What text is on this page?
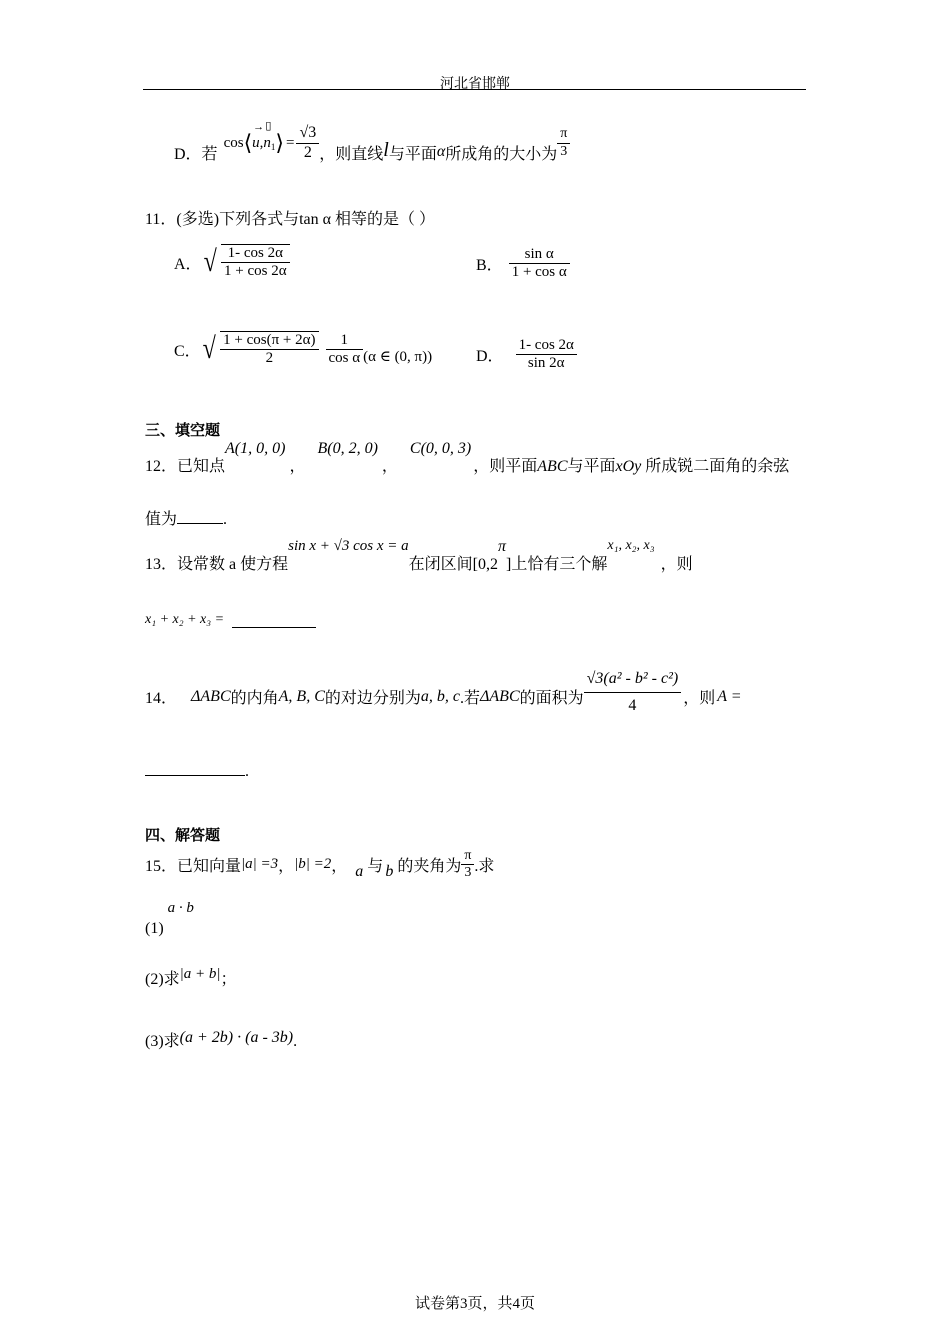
河北省邯郸
D．若
cos ⟨
→
u ,
▯
$n_1$ ⟩ = $\frac{√3}{2}$ ，则直线 l 与平面 α 所成角的大小为 $\frac{\pi}{3}$
11．(多选)下列各式与tan α 相等的是（ ）
A． √ $\frac{1- \cos 2\alpha}{1 + \cos 2\alpha}$	B． $\frac{\text{sin α}}{\text{1 + cos α}}$
C． √ $\frac{1 + \cos(\pi + 2\alpha)}{2} \frac{1}{\text{cos α}} (\alpha$ ∈ (0, π))	D． $\frac{1- \cos 2\alpha}{\sin 2\alpha}$
三、填空题
12．已知点
A(1, 0, 0)
，
B(0, 2, 0)
，
C(0, 0, 3)
，则平面 ABC 与平面 xOy 所成锐二面角的余弦
值为	.
13．设常数 a 使方程
sin x + √3 cos x = a
在闭区间[0,2
π
]上恰有三个解
x₁, x₂, x₃
，则
x₁ + x₂ + x₃ =
14． ΔABC 的内角 A, B, C 的对边分别为 a, b, c .若 ΔABC 的面积为 $\frac{\text{√3(a² - b² - c²)}}{4}$ ，则 A =
.
四、解答题
15．已知向量 |a| =3 ， |b| =2 ， a 与 b 的夹角为 $\frac{\pi}{3}$ .求
(1)
a · b
(2)求 |a + b| ；
(3)求 (a + 2b) · (a - 3b) .
试卷第3页，共4页
